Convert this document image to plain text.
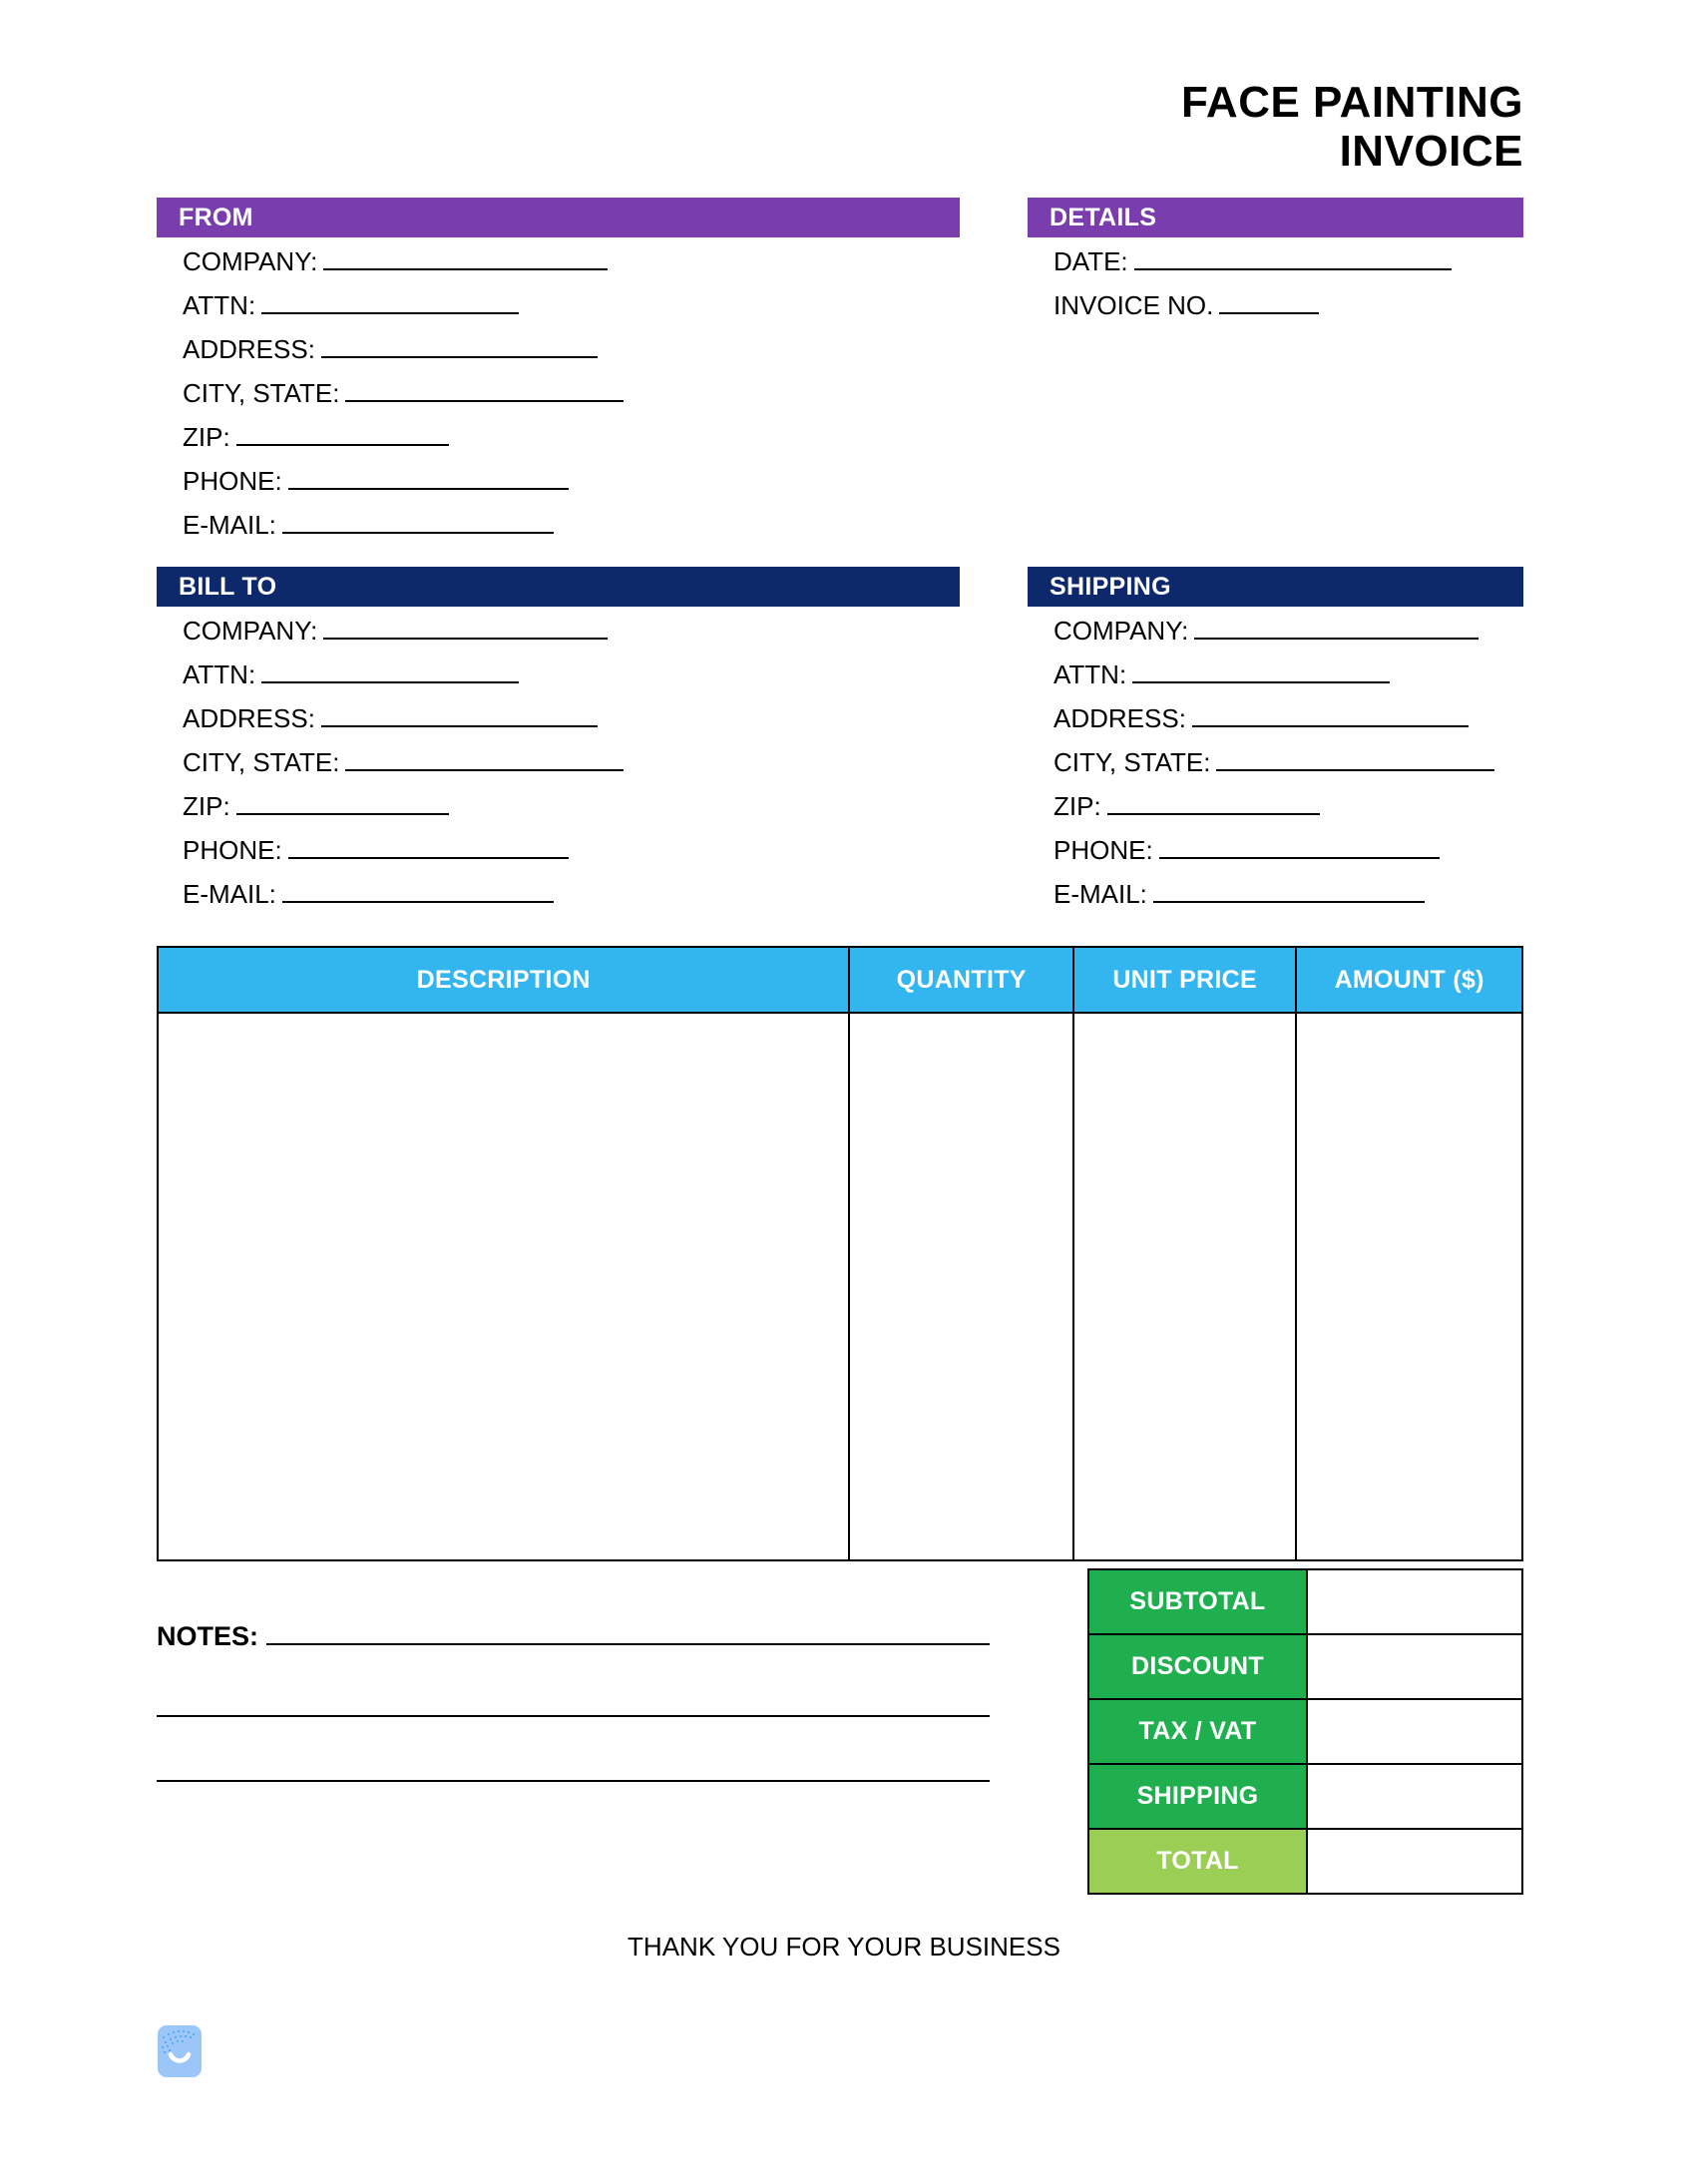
FACE PAINTING
INVOICE
FROM
COMPANY:
ATTN:
ADDRESS:
CITY, STATE:
ZIP:
PHONE:
E-MAIL:
DETAILS
DATE:
INVOICE NO.
BILL TO
COMPANY:
ATTN:
ADDRESS:
CITY, STATE:
ZIP:
PHONE:
E-MAIL:
SHIPPING
COMPANY:
ATTN:
ADDRESS:
CITY, STATE:
ZIP:
PHONE:
E-MAIL:
DESCRIPTION	QUANTITY	UNIT PRICE	AMOUNT ($)

NOTES:
SUBTOTAL	
DISCOUNT	
TAX / VAT	
SHIPPING	
TOTAL	
THANK YOU FOR YOUR BUSINESS
